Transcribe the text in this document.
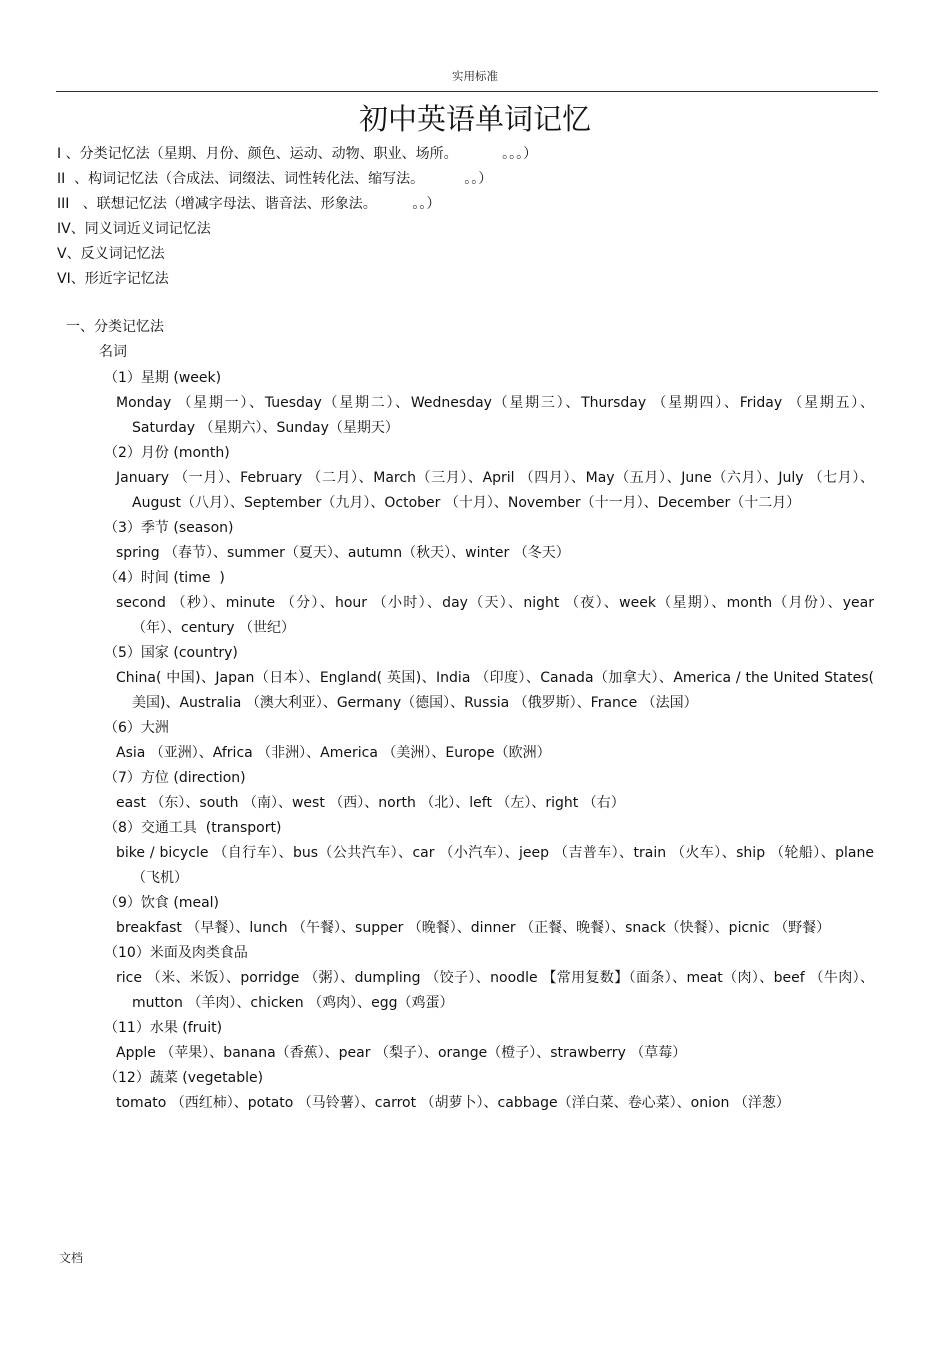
实用标准
初中英语单词记忆
I 、分类记忆法（星期、月份、颜色、运动、动物、职业、场所。          。。。）
II  、构词记忆法（合成法、词缀法、词性转化法、缩写法。         。。）
III   、联想记忆法（增减字母法、谐音法、形象法。        。。）
IV、同义词近义词记忆法
V、反义词记忆法
VI、形近字记忆法
一、分类记忆法
名词
（1）星期 (week)
Monday （星期一）、Tuesday（星期二）、Wednesday（星期三）、Thursday （星期四）、Friday （星期五）、Saturday （星期六）、Sunday（星期天）
（2）月份 (month)
January （一月）、February （二月）、March（三月）、April （四月）、May（五月）、June（六月）、July （七月）、August（八月）、September（九月）、October （十月）、November（十一月）、December（十二月）
（3）季节 (season)
spring （春节）、summer（夏天）、autumn（秋天）、winter （冬天）
（4）时间 (time  )
second （秒）、minute （分）、hour （小时）、day（天）、night （夜）、week（星期）、month（月份）、year （年）、century （世纪）
（5）国家 (country)
China( 中国)、Japan（日本）、England( 英国)、India （印度）、Canada（加拿大）、America / the United States( 美国)、Australia （澳大利亚）、Germany（德国）、Russia （俄罗斯）、France （法国）
（6）大洲
Asia （亚洲）、Africa （非洲）、America （美洲）、Europe（欧洲）
（7）方位 (direction)
east （东）、south （南）、west （西）、north （北）、left （左）、right （右）
（8）交通工具  (transport)
bike / bicycle （自行车）、bus（公共汽车）、car （小汽车）、jeep （吉普车）、train （火车）、ship （轮船）、plane （飞机）
（9）饮食 (meal)
breakfast （早餐）、lunch （午餐）、supper （晚餐）、dinner （正餐、晚餐）、snack（快餐）、picnic （野餐）
（10）米面及肉类食品
rice （米、米饭）、porridge （粥）、dumpling （饺子）、noodle 【常用复数】（面条）、meat（肉）、beef （牛肉）、mutton （羊肉）、chicken （鸡肉）、egg（鸡蛋）
（11）水果 (fruit)
Apple （苹果）、banana（香蕉）、pear （梨子）、orange（橙子）、strawberry （草莓）
（12）蔬菜 (vegetable)
tomato （西红柿）、potato （马铃薯）、carrot （胡萝卜）、cabbage（洋白菜、卷心菜）、onion （洋葱）
文档
